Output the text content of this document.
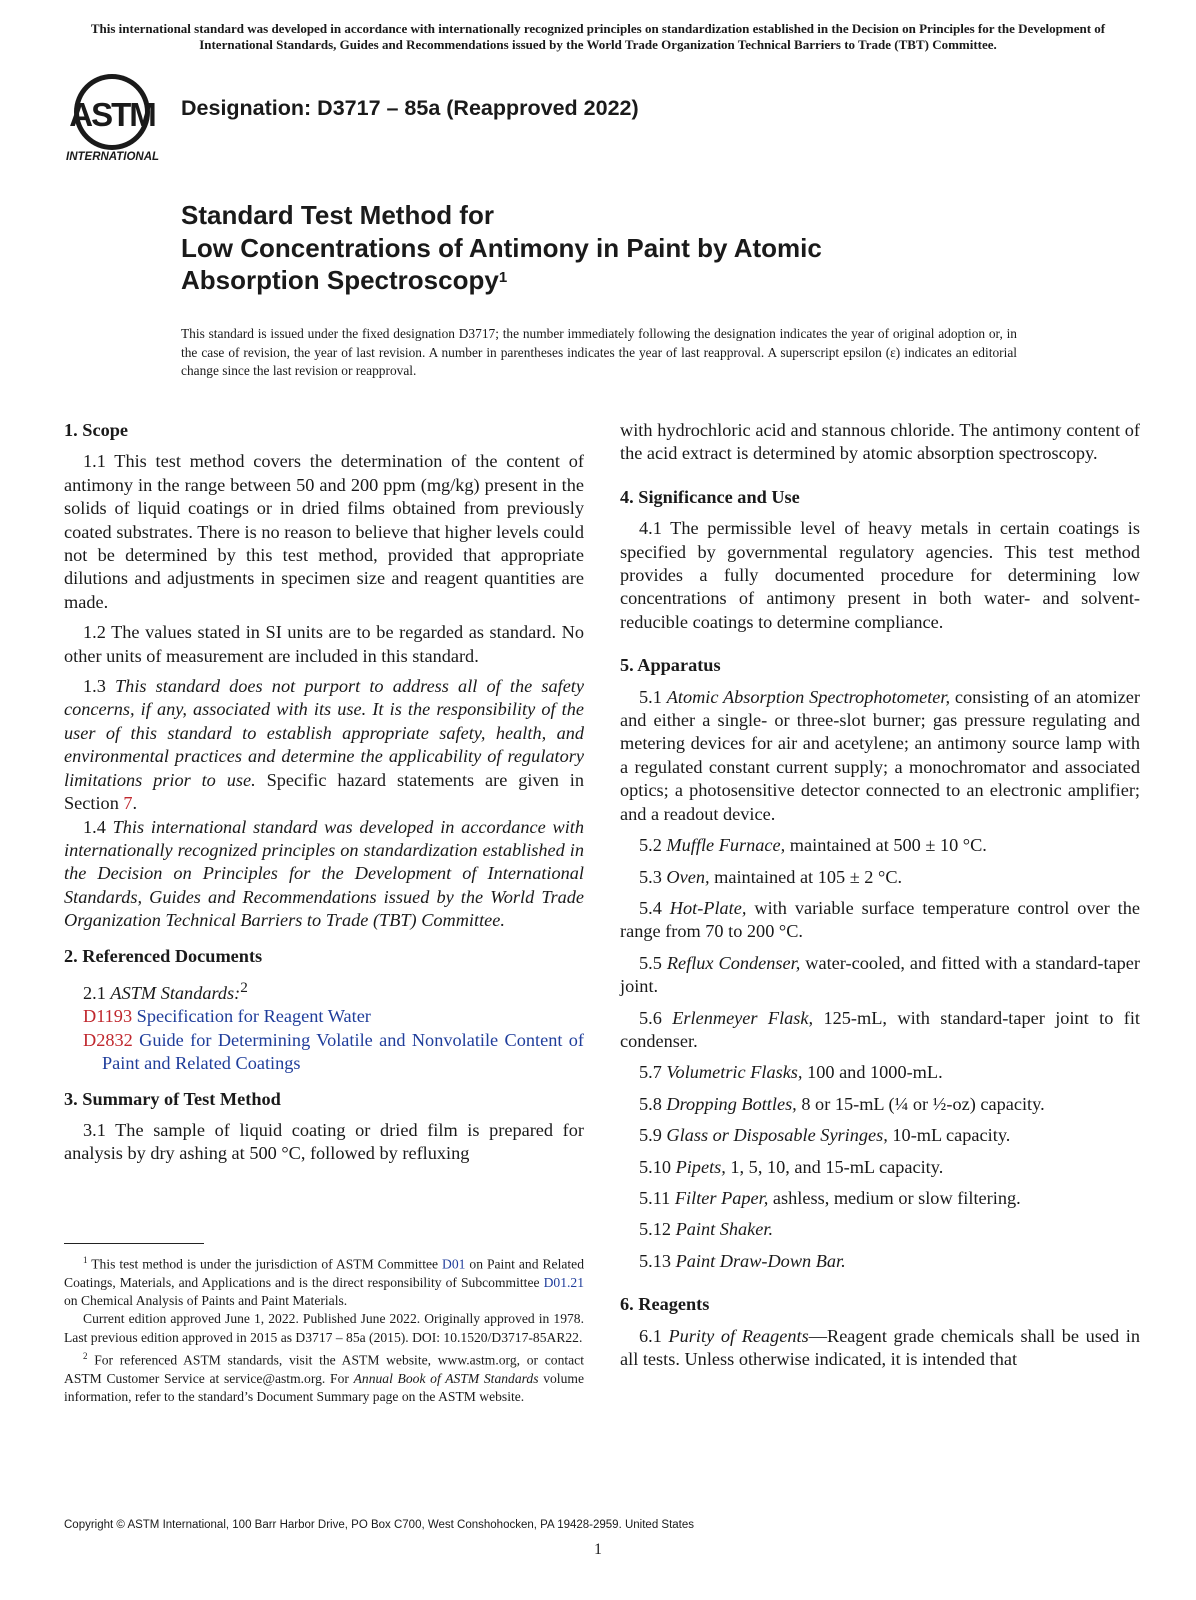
This international standard was developed in accordance with internationally recognized principles on standardization established in the Decision on Principles for the Development of International Standards, Guides and Recommendations issued by the World Trade Organization Technical Barriers to Trade (TBT) Committee.
ASTM
INTERNATIONAL
Designation: D3717 – 85a (Reapproved 2022)
Standard Test Method for
Low Concentrations of Antimony in Paint by Atomic
Absorption Spectroscopy$^1$
This standard is issued under the fixed designation D3717; the number immediately following the designation indicates the year of original adoption or, in the case of revision, the year of last revision. A number in parentheses indicates the year of last reapproval. A superscript epsilon (ε) indicates an editorial change since the last revision or reapproval.
1. Scope

1.1 This test method covers the determination of the content of antimony in the range between 50 and 200 ppm (mg/kg) present in the solids of liquid coatings or in dried films obtained from previously coated substrates. There is no reason to believe that higher levels could not be determined by this test method, provided that appropriate dilutions and adjustments in specimen size and reagent quantities are made.

1.2 The values stated in SI units are to be regarded as standard. No other units of measurement are included in this standard.

1.3 This standard does not purport to address all of the safety concerns, if any, associated with its use. It is the responsibility of the user of this standard to establish appropriate safety, health, and environmental practices and determine the applicability of regulatory limitations prior to use. Specific hazard statements are given in Section 7.

1.4 This international standard was developed in accordance with internationally recognized principles on standardization established in the Decision on Principles for the Development of International Standards, Guides and Recommendations issued by the World Trade Organization Technical Barriers to Trade (TBT) Committee.

2. Referenced Documents

2.1 ASTM Standards:$^2$

D1193 Specification for Reagent Water

D2832 Guide for Determining Volatile and Nonvolatile Content of Paint and Related Coatings

3. Summary of Test Method

3.1 The sample of liquid coating or dried film is prepared for analysis by dry ashing at 500 °C, followed by refluxing

with hydrochloric acid and stannous chloride. The antimony content of the acid extract is determined by atomic absorption spectroscopy.

4. Significance and Use

4.1 The permissible level of heavy metals in certain coatings is specified by governmental regulatory agencies. This test method provides a fully documented procedure for determining low concentrations of antimony present in both water- and solvent-reducible coatings to determine compliance.

5. Apparatus

5.1 Atomic Absorption Spectrophotometer, consisting of an atomizer and either a single- or three-slot burner; gas pressure regulating and metering devices for air and acetylene; an antimony source lamp with a regulated constant current supply; a monochromator and associated optics; a photosensitive detector connected to an electronic amplifier; and a readout device.

5.2 Muffle Furnace, maintained at 500 ± 10 °C.

5.3 Oven, maintained at 105 ± 2 °C.

5.4 Hot-Plate, with variable surface temperature control over the range from 70 to 200 °C.

5.5 Reflux Condenser, water-cooled, and fitted with a standard-taper joint.

5.6 Erlenmeyer Flask, 125-mL, with standard-taper joint to fit condenser.

5.7 Volumetric Flasks, 100 and 1000-mL.

5.8 Dropping Bottles, 8 or 15-mL (¼ or ½-oz) capacity.

5.9 Glass or Disposable Syringes, 10-mL capacity.

5.10 Pipets, 1, 5, 10, and 15-mL capacity.

5.11 Filter Paper, ashless, medium or slow filtering.

5.12 Paint Shaker.

5.13 Paint Draw-Down Bar.

6. Reagents

6.1 Purity of Reagents—Reagent grade chemicals shall be used in all tests. Unless otherwise indicated, it is intended that

$^1$ This test method is under the jurisdiction of ASTM Committee D01 on Paint and Related Coatings, Materials, and Applications and is the direct responsibility of Subcommittee D01.21 on Chemical Analysis of Paints and Paint Materials.

Current edition approved June 1, 2022. Published June 2022. Originally approved in 1978. Last previous edition approved in 2015 as D3717 – 85a (2015). DOI: 10.1520/D3717-85AR22.

$^2$ For referenced ASTM standards, visit the ASTM website, www.astm.org, or contact ASTM Customer Service at service@astm.org. For Annual Book of ASTM Standards volume information, refer to the standard’s Document Summary page on the ASTM website.

Copyright © ASTM International, 100 Barr Harbor Drive, PO Box C700, West Conshohocken, PA 19428-2959. United States
1
